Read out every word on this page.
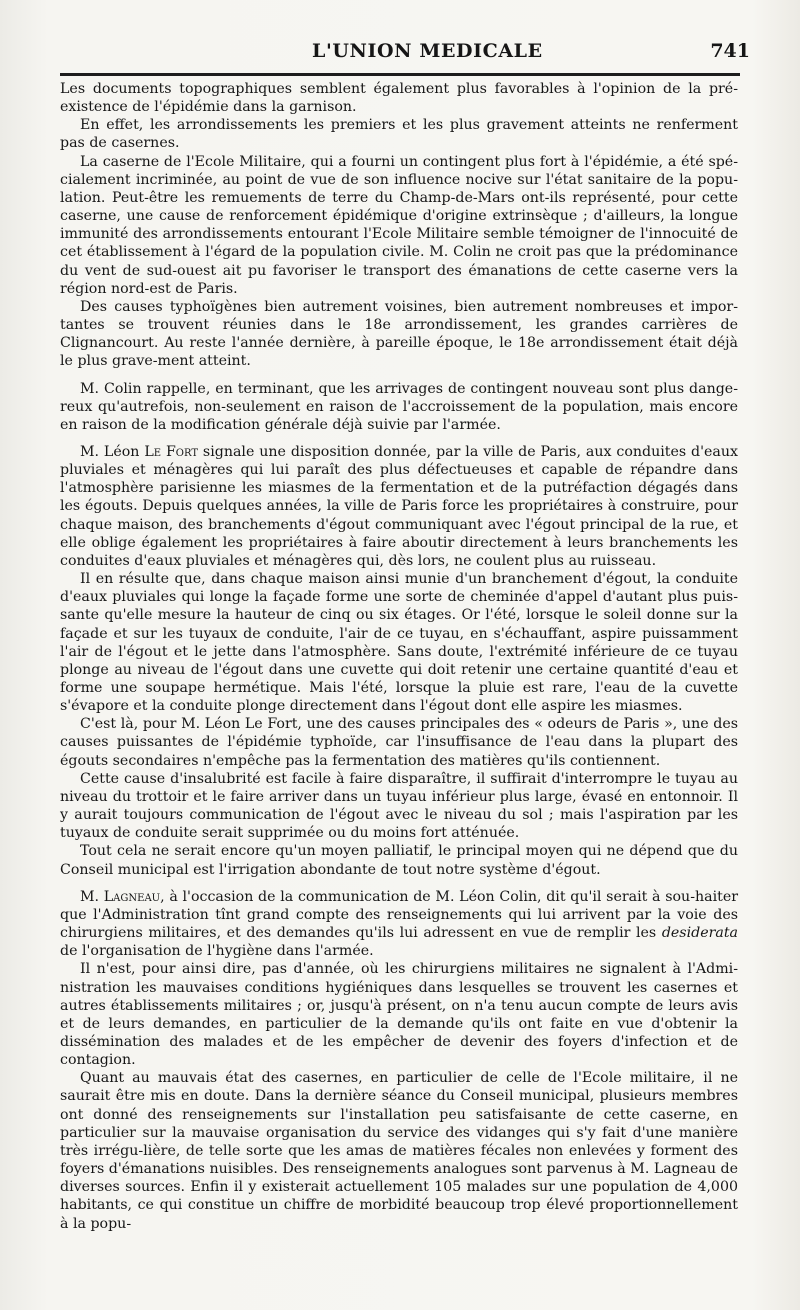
L'UNION MEDICALE	741

Les documents topographiques semblent également plus favorables à l'opinion de la pré-existence de l'épidémie dans la garnison.

En effet, les arrondissements les premiers et les plus gravement atteints ne renferment pas de casernes.

La caserne de l'Ecole Militaire, qui a fourni un contingent plus fort à l'épidémie, a été spé-cialement incriminée, au point de vue de son influence nocive sur l'état sanitaire de la popu-lation. Peut-être les remuements de terre du Champ-de-Mars ont-ils représenté, pour cette caserne, une cause de renforcement épidémique d'origine extrinsèque ; d'ailleurs, la longue immunité des arrondissements entourant l'Ecole Militaire semble témoigner de l'innocuité de cet établissement à l'égard de la population civile. M. Colin ne croit pas que la prédominance du vent de sud-ouest ait pu favoriser le transport des émanations de cette caserne vers la région nord-est de Paris.

Des causes typhoïgènes bien autrement voisines, bien autrement nombreuses et impor-tantes se trouvent réunies dans le 18e arrondissement, les grandes carrières de Clignancourt. Au reste l'année dernière, à pareille époque, le 18e arrondissement était déjà le plus grave-ment atteint.

M. Colin rappelle, en terminant, que les arrivages de contingent nouveau sont plus dange-reux qu'autrefois, non-seulement en raison de l'accroissement de la population, mais encore en raison de la modification générale déjà suivie par l'armée.

M. Léon Le Fort signale une disposition donnée, par la ville de Paris, aux conduites d'eaux pluviales et ménagères qui lui paraît des plus défectueuses et capable de répandre dans l'atmosphère parisienne les miasmes de la fermentation et de la putréfaction dégagés dans les égouts. Depuis quelques années, la ville de Paris force les propriétaires à construire, pour chaque maison, des branchements d'égout communiquant avec l'égout principal de la rue, et elle oblige également les propriétaires à faire aboutir directement à leurs branchements les conduites d'eaux pluviales et ménagères qui, dès lors, ne coulent plus au ruisseau.

Il en résulte que, dans chaque maison ainsi munie d'un branchement d'égout, la conduite d'eaux pluviales qui longe la façade forme une sorte de cheminée d'appel d'autant plus puis-sante qu'elle mesure la hauteur de cinq ou six étages. Or l'été, lorsque le soleil donne sur la façade et sur les tuyaux de conduite, l'air de ce tuyau, en s'échauffant, aspire puissamment l'air de l'égout et le jette dans l'atmosphère. Sans doute, l'extrémité inférieure de ce tuyau plonge au niveau de l'égout dans une cuvette qui doit retenir une certaine quantité d'eau et forme une soupape hermétique. Mais l'été, lorsque la pluie est rare, l'eau de la cuvette s'évapore et la conduite plonge directement dans l'égout dont elle aspire les miasmes.

C'est là, pour M. Léon Le Fort, une des causes principales des « odeurs de Paris », une des causes puissantes de l'épidémie typhoïde, car l'insuffisance de l'eau dans la plupart des égouts secondaires n'empêche pas la fermentation des matières qu'ils contiennent.

Cette cause d'insalubrité est facile à faire disparaître, il suffirait d'interrompre le tuyau au niveau du trottoir et le faire arriver dans un tuyau inférieur plus large, évasé en entonnoir. Il y aurait toujours communication de l'égout avec le niveau du sol ; mais l'aspiration par les tuyaux de conduite serait supprimée ou du moins fort atténuée.

Tout cela ne serait encore qu'un moyen palliatif, le principal moyen qui ne dépend que du Conseil municipal est l'irrigation abondante de tout notre système d'égout.

M. Lagneau, à l'occasion de la communication de M. Léon Colin, dit qu'il serait à sou-haiter que l'Administration tînt grand compte des renseignements qui lui arrivent par la voie des chirurgiens militaires, et des demandes qu'ils lui adressent en vue de remplir les desiderata de l'organisation de l'hygiène dans l'armée.

Il n'est, pour ainsi dire, pas d'année, où les chirurgiens militaires ne signalent à l'Admi-nistration les mauvaises conditions hygiéniques dans lesquelles se trouvent les casernes et autres établissements militaires ; or, jusqu'à présent, on n'a tenu aucun compte de leurs avis et de leurs demandes, en particulier de la demande qu'ils ont faite en vue d'obtenir la dissémination des malades et de les empêcher de devenir des foyers d'infection et de contagion.

Quant au mauvais état des casernes, en particulier de celle de l'Ecole militaire, il ne saurait être mis en doute. Dans la dernière séance du Conseil municipal, plusieurs membres ont donné des renseignements sur l'installation peu satisfaisante de cette caserne, en particulier sur la mauvaise organisation du service des vidanges qui s'y fait d'une manière très irrégu-lière, de telle sorte que les amas de matières fécales non enlevées y forment des foyers d'émanations nuisibles. Des renseignements analogues sont parvenus à M. Lagneau de diverses sources. Enfin il y existerait actuellement 105 malades sur une population de 4,000 habitants, ce qui constitue un chiffre de morbidité beaucoup trop élevé proportionnellement à la popu-
